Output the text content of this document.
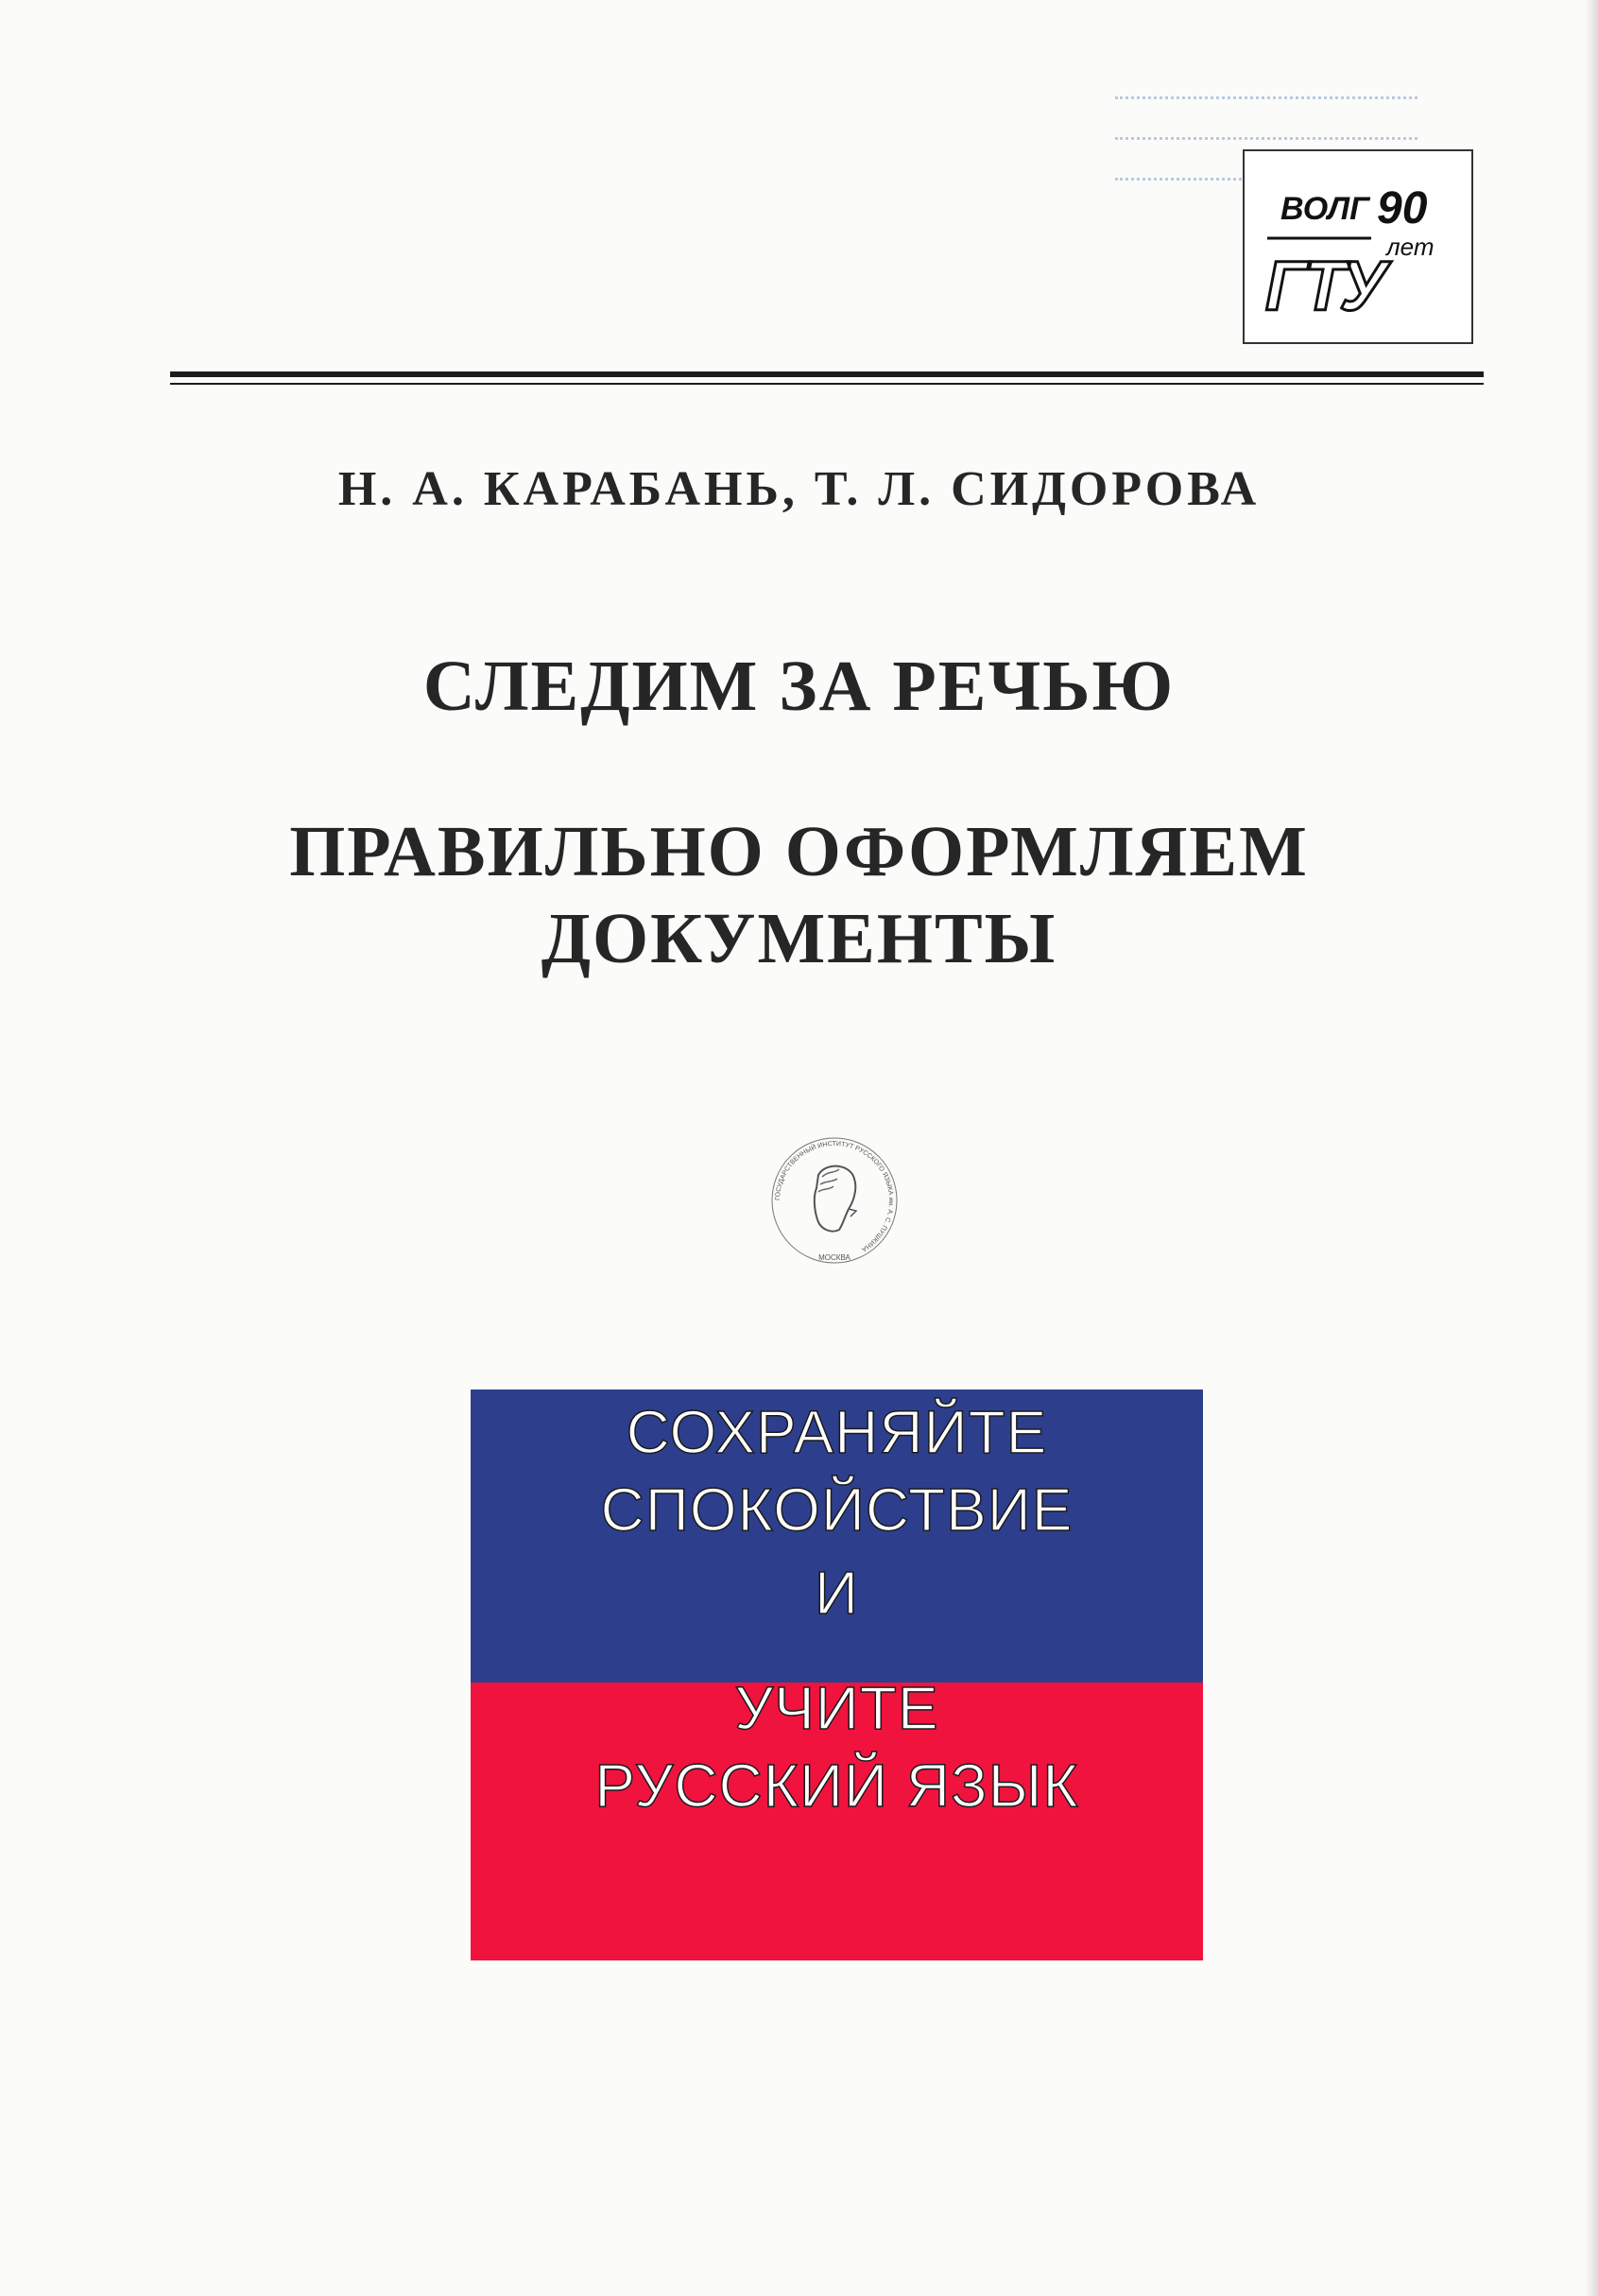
ВОЛГ 90
лет
ГТУ
Н. А. КАРАБАНЬ, Т. Л. СИДОРОВА
СЛЕДИМ ЗА РЕЧЬЮ
ПРАВИЛЬНО ОФОРМЛЯЕМ
ДОКУМЕНТЫ
ГОСУДАРСТВЕННЫЙ ИНСТИТУТ РУССКОГО ЯЗЫКА им. А. С. ПУШКИНА
МОСКВА
СОХРАНЯЙТЕ
СПОКОЙСТВИЕ
И
УЧИТЕ
РУССКИЙ ЯЗЫК
